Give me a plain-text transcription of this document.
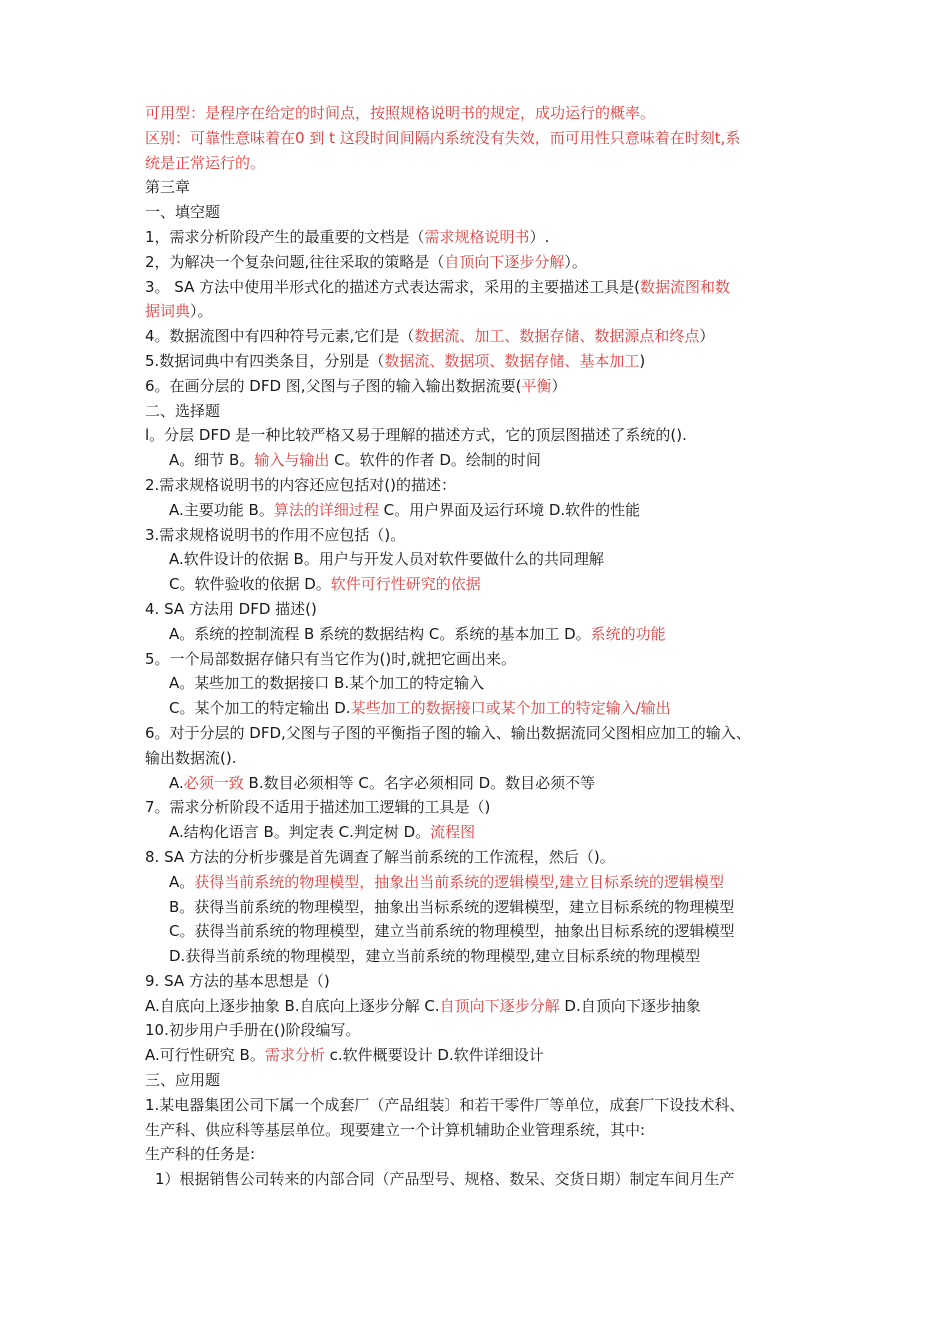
可用型：是程序在给定的时间点，按照规格说明书的规定，成功运行的概率。
区别：可靠性意味着在0 到 t 这段时间间隔内系统没有失效，而可用性只意味着在时刻t,系
统是正常运行的。
第三章
一、填空题
1，需求分析阶段产生的最重要的文档是（需求规格说明书）.
2，为解决一个复杂问题,往往采取的策略是（自顶向下逐步分解）。
3。 SA 方法中使用半形式化的描述方式表达需求，采用的主要描述工具是(数据流图和数
据词典）。
4。数据流图中有四种符号元素,它们是（数据流、加工、数据存储、数据源点和终点）
5.数据词典中有四类条目，分别是（数据流、数据项、数据存储、基本加工)
6。在画分层的 DFD 图,父图与子图的输入输出数据流要(平衡）
二、选择题
l。分层 DFD 是一种比较严格又易于理解的描述方式，它的顶层图描述了系统的().
A。细节 B。输入与输出 C。软件的作者 D。绘制的时间
2.需求规格说明书的内容还应包括对()的描述：
A.主要功能 B。算法的详细过程 C。用户界面及运行环境 D.软件的性能
3.需求规格说明书的作用不应包括（)。
A.软件设计的依据 B。用户与开发人员对软件要做什么的共同理解
C。软件验收的依据 D。软件可行性研究的依据
4. SA 方法用 DFD 描述()
A。系统的控制流程 B 系统的数据结构 C。系统的基本加工 D。系统的功能
5。一个局部数据存储只有当它作为()时,就把它画出来。
A。某些加工的数据接口 B.某个加工的特定输入
C。某个加工的特定输出 D.某些加工的数据接口或某个加工的特定输入/输出
6。对于分层的 DFD,父图与子图的平衡指子图的输入、输出数据流同父图相应加工的输入、
输出数据流().
A.必须一致 B.数目必须相等 C。名字必须相同 D。数目必须不等
7。需求分析阶段不适用于描述加工逻辑的工具是（)
A.结构化语言 B。判定表 C.判定树 D。流程图
8. SA 方法的分析步骤是首先调查了解当前系统的工作流程，然后（)。
A。获得当前系统的物理模型，抽象出当前系统的逻辑模型,建立目标系统的逻辑模型
B。获得当前系统的物理模型，抽象出当标系统的逻辑模型，建立目标系统的物理模型
C。获得当前系统的物理模型，建立当前系统的物理模型，抽象出目标系统的逻辑模型
D.获得当前系统的物理模型，建立当前系统的物理模型,建立目标系统的物理模型
9. SA 方法的基本思想是（)
A.自底向上逐步抽象 B.自底向上逐步分解 C.自顶向下逐步分解 D.自顶向下逐步抽象
10.初步用户手册在()阶段编写。
A.可行性研究 B。需求分析 c.软件概要设计 D.软件详细设计
三、应用题
1.某电器集团公司下属一个成套厂（产品组装〕和若干零件厂等单位，成套厂下设技术科、
生产科、供应科等基层单位。现要建立一个计算机辅助企业管理系统，其中:
生产科的任务是:
1）根据销售公司转来的内部合同（产品型号、规格、数呆、交货日期）制定车间月生产
